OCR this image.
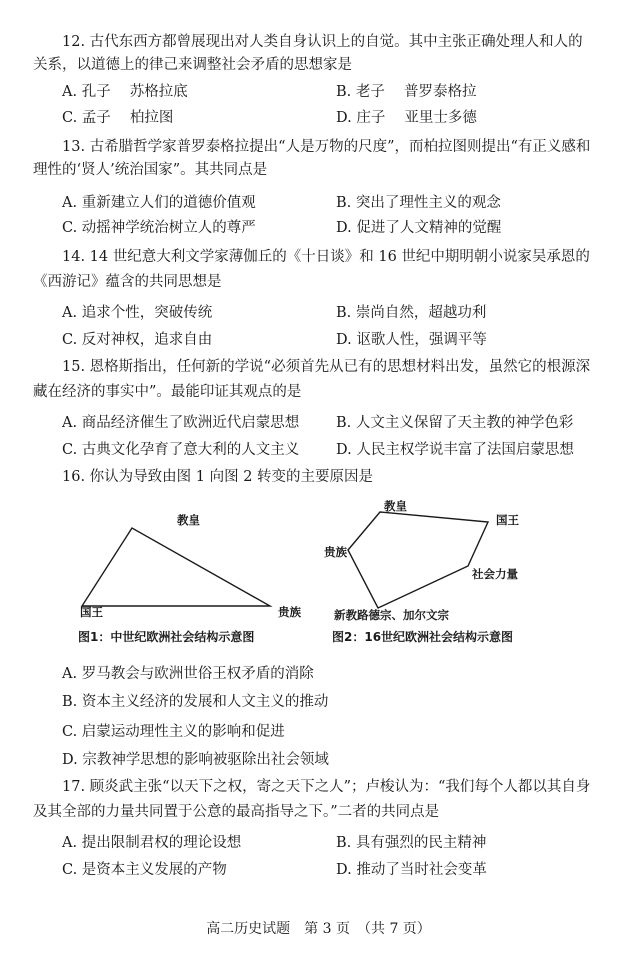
12. 古代东西方都曾展现出对人类自身认识上的自觉。其中主张正确处理人和人的
关系，以道德上的律己来调整社会矛盾的思想家是
A. 孔子　 苏格拉底	B. 老子　 普罗泰格拉
C. 孟子　 柏拉图	D. 庄子　 亚里士多德
13. 古希腊哲学家普罗泰格拉提出“人是万物的尺度”，而柏拉图则提出“有正义感和
理性的‘贤人’统治国家”。其共同点是
A. 重新建立人们的道德价值观	B. 突出了理性主义的观念
C. 动摇神学统治树立人的尊严	D. 促进了人文精神的觉醒
14. 14 世纪意大利文学家薄伽丘的《十日谈》和 16 世纪中期明朝小说家吴承恩的
《西游记》蕴含的共同思想是
A. 追求个性，突破传统	B. 崇尚自然，超越功利
C. 反对神权，追求自由	D. 讴歌人性，强调平等
15. 恩格斯指出，任何新的学说“必须首先从已有的思想材料出发，虽然它的根源深
藏在经济的事实中”。最能印证其观点的是
A. 商品经济催生了欧洲近代启蒙思想	B. 人文主义保留了天主教的神学色彩
C. 古典文化孕育了意大利的人文主义	D. 人民主权学说丰富了法国启蒙思想
16. 你认为导致由图 1 向图 2 转变的主要原因是
教皇
国王	贵族
教皇
国王
贵族
社会力量
新教路德宗、加尔文宗
图1：中世纪欧洲社会结构示意图	图2：16世纪欧洲社会结构示意图
A. 罗马教会与欧洲世俗王权矛盾的消除
B. 资本主义经济的发展和人文主义的推动
C. 启蒙运动理性主义的影响和促进
D. 宗教神学思想的影响被驱除出社会领域
17. 顾炎武主张“以天下之权，寄之天下之人”；卢梭认为：“我们每个人都以其自身
及其全部的力量共同置于公意的最高指导之下。”二者的共同点是
A. 提出限制君权的理论设想	B. 具有强烈的民主精神
C. 是资本主义发展的产物	D. 推动了当时社会变革
高二历史试题　第 3 页　（共 7 页）
